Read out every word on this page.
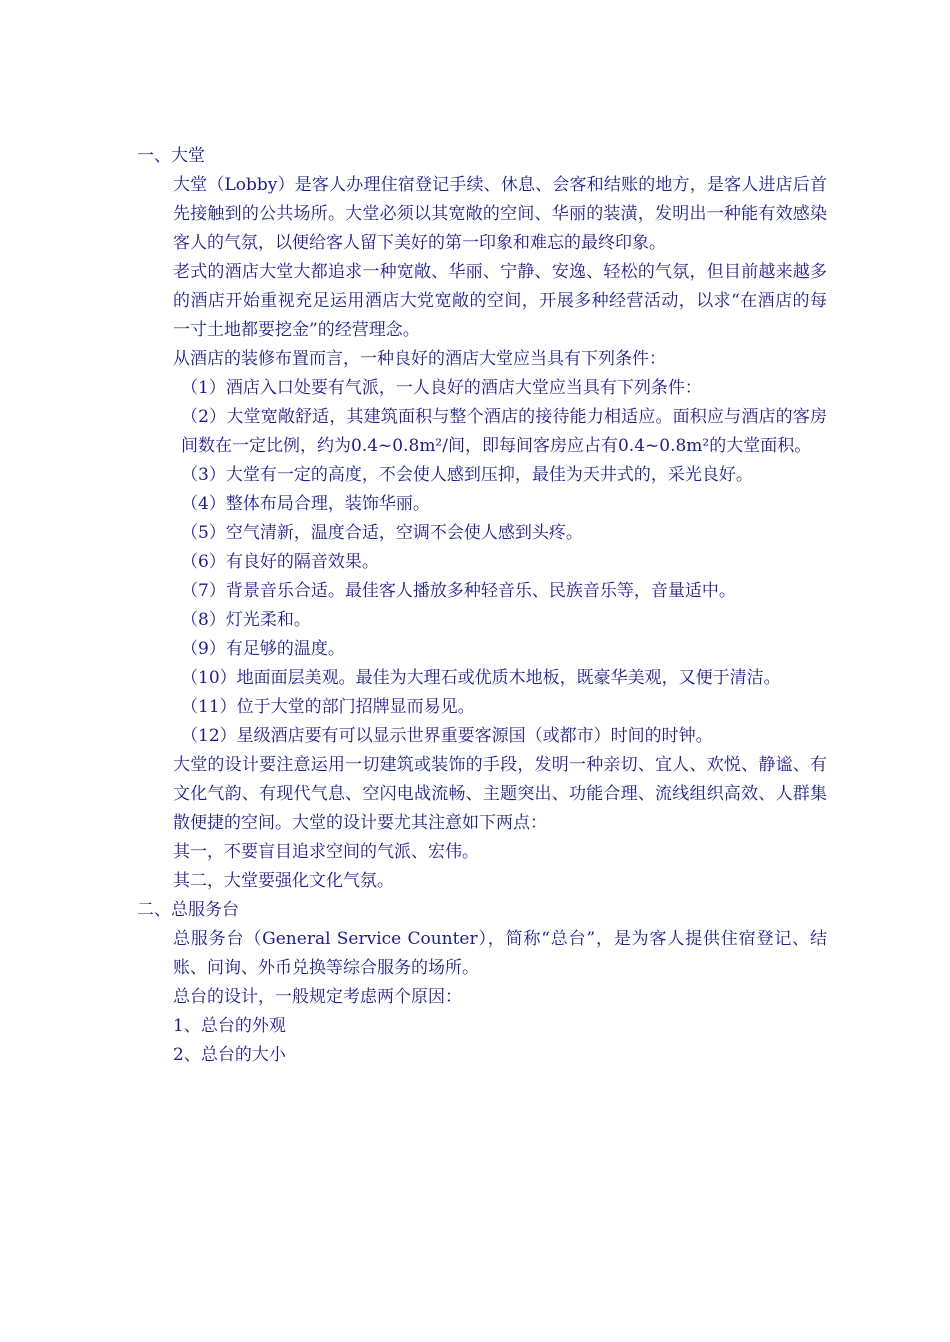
一、大堂
大堂（Lobby）是客人办理住宿登记手续、休息、会客和结账的地方，是客人进店后首先接触到的公共场所。大堂必须以其宽敞的空间、华丽的装潢，发明出一种能有效感染客人的气氛，以便给客人留下美好的第一印象和难忘的最终印象。
老式的酒店大堂大都追求一种宽敞、华丽、宁静、安逸、轻松的气氛，但目前越来越多的酒店开始重视充足运用酒店大党宽敞的空间，开展多种经营活动，以求“在酒店的每一寸土地都要挖金”的经营理念。
从酒店的装修布置而言，一种良好的酒店大堂应当具有下列条件：
（1）酒店入口处要有气派，一人良好的酒店大堂应当具有下列条件：
（2）大堂宽敞舒适，其建筑面积与整个酒店的接待能力相适应。面积应与酒店的客房间数在一定比例，约为0.4~0.8m²/间，即每间客房应占有0.4~0.8m²的大堂面积。
（3）大堂有一定的高度，不会使人感到压抑，最佳为天井式的，采光良好。
（4）整体布局合理，装饰华丽。
（5）空气清新，温度合适，空调不会使人感到头疼。
（6）有良好的隔音效果。
（7）背景音乐合适。最佳客人播放多种轻音乐、民族音乐等，音量适中。
（8）灯光柔和。
（9）有足够的温度。
（10）地面面层美观。最佳为大理石或优质木地板，既豪华美观，又便于清洁。
（11）位于大堂的部门招牌显而易见。
（12）星级酒店要有可以显示世界重要客源国（或都市）时间的时钟。
大堂的设计要注意运用一切建筑或装饰的手段，发明一种亲切、宜人、欢悦、静谧、有文化气韵、有现代气息、空闪电战流畅、主题突出、功能合理、流线组织高效、人群集散便捷的空间。大堂的设计要尤其注意如下两点：
其一，不要盲目追求空间的气派、宏伟。
其二，大堂要强化文化气氛。
二、总服务台
总服务台（General Service Counter），简称“总台”，是为客人提供住宿登记、结账、问询、外币兑换等综合服务的场所。
总台的设计，一般规定考虑两个原因：
1、总台的外观
2、总台的大小
